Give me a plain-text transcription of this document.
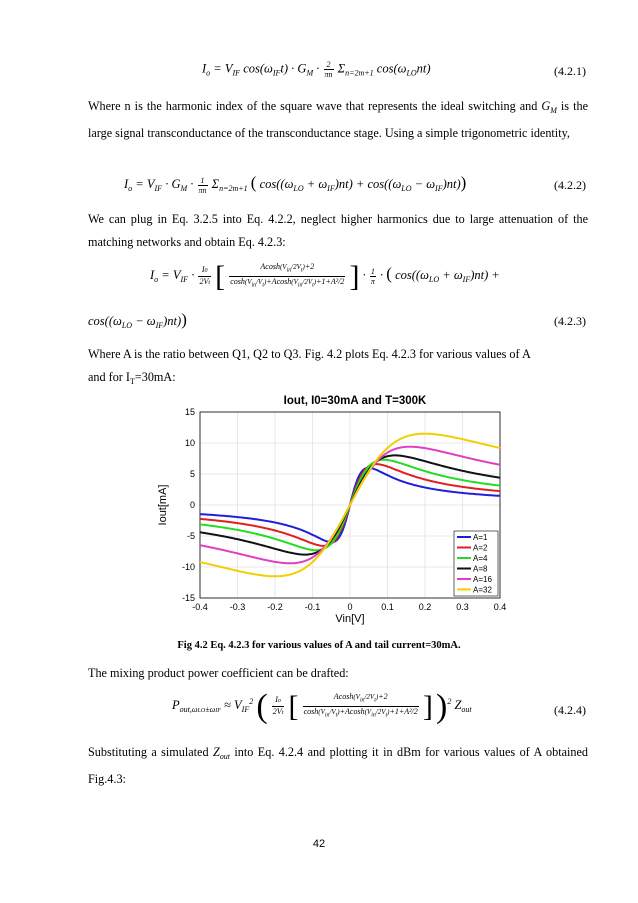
$I_o = V_{IF}$ $\cos(\omega_{IF}t) \cdot G_M \cdot \frac{2}{\pi n} \Sigma_{n=2m+1}$ $\cos(\omega_{LO}nt)$	(4.2.1)
Where n is the harmonic index of the square wave that represents the ideal switching and $G_M$ is the large signal transconductance of the transconductance stage. Using a simple trigonometric identity,
$I_o = V_{IF} \cdot G_M \cdot \frac{1}{\pi n} \Sigma_{n=2m+1}$ ( $\cos((\omega_{LO} + \omega_{IF})nt) + \cos((\omega_{LO} - \omega_{IF})nt)$)	(4.2.2)
We can plug in Eq. 3.2.5 into Eq. 4.2.2, neglect higher harmonics due to large attenuation of the matching networks and obtain Eq. 4.2.3:
$I_o = V_{IF} \cdot \frac{I0}{2Vt}$ [ $\frac{Acosh(V_{in}/2V_t)+2}{\cosh(V_{in}/V_t)+Acosh(V_{in}/2V_t)+1+A^2/2}$ ] · $\frac{1}{\pi}$ · ( $\cos((\omega_{LO} + \omega_{IF})nt)$ +
$\cos((\omega_{LO} - \omega_{IF})nt)$)	(4.2.3)
Where A is the ratio between Q1, Q2 to Q3. Fig. 4.2 plots Eq. 4.2.3 for various values of A
and for $I_T=30mA$:
Iout, I0=30mA and T=300K
-0.4 -0.3 -0.2 -0.1	0	0.1	0.2	0.3	0.4
15
10
5
0
-5
-10
-15
A=1
A=2
A=4
A=8
A=16
A=32
Vin[V]
Iout[mA]
Fig 4.2 Eq. 4.2.3 for various values of A and tail current=30mA.
The mixing product power coefficient can be drafted:
$P_{out,\omega LO\pm\omega IF} \approx V_{IF}^2$ ( $\frac{Io}{2Vt}$ [ $\frac{Acosh(V_{in}/2V_t)+2}{\cosh(V_{in}/V_t)+Acosh(V_{in}/2V_t)+1+A^2/2}$ ] )$^2$ $Z_{out}$	(4.2.4)
Substituting a simulated $Z_{out}$ into Eq. 4.2.4 and plotting it in dBm for various values of A obtained Fig.4.3:
42
